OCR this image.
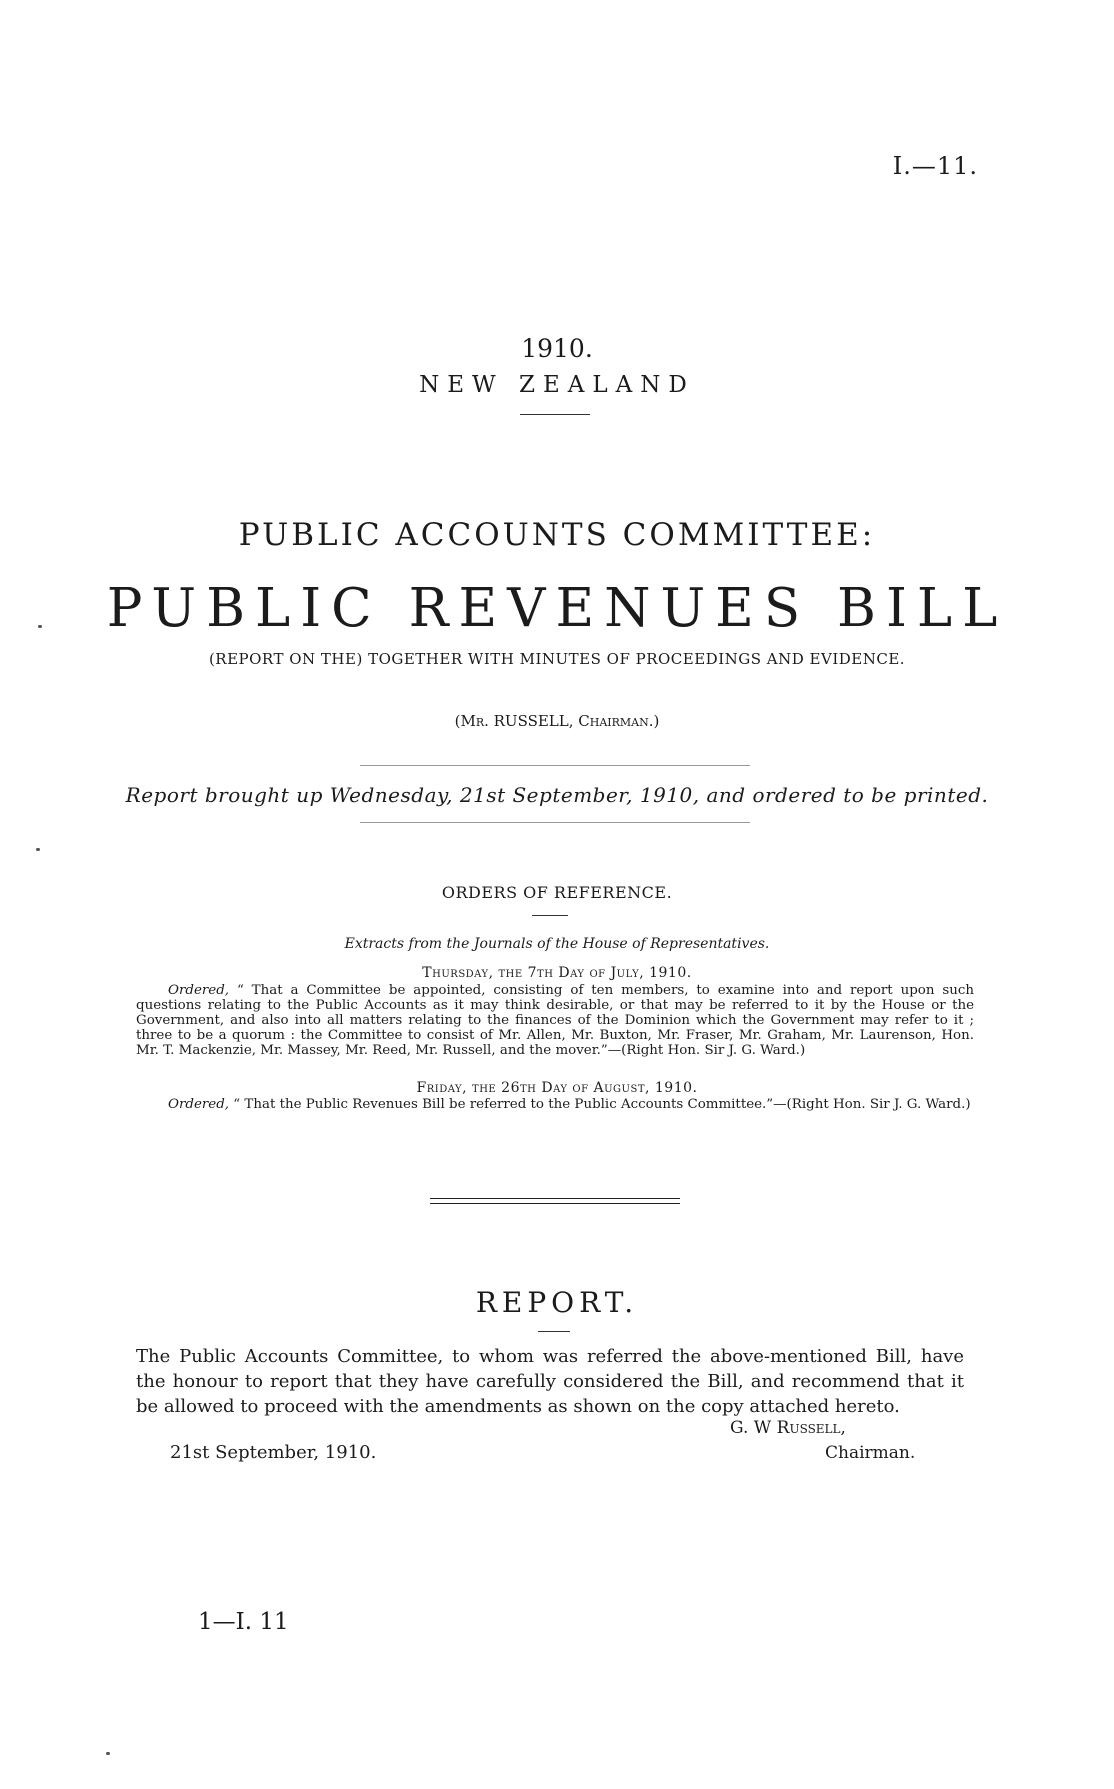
I.—11.
1910.
NEW ZEALAND
PUBLIC ACCOUNTS COMMITTEE:
PUBLIC REVENUES BILL
(REPORT ON THE) TOGETHER WITH MINUTES OF PROCEEDINGS AND EVIDENCE.
(Mr. RUSSELL, Chairman.)
Report brought up Wednesday, 21st September, 1910, and ordered to be printed.
ORDERS OF REFERENCE.
Extracts from the Journals of the House of Representatives.
Thursday, the 7th Day of July, 1910.
Ordered, “ That a Committee be appointed, consisting of ten members, to examine into and report upon such questions relating to the Public Accounts as it may think desirable, or that may be referred to it by the House or the Government, and also into all matters relating to the finances of the Dominion which the Government may refer to it ; three to be a quorum : the Committee to consist of Mr. Allen, Mr. Buxton, Mr. Fraser, Mr. Graham, Mr. Laurenson, Hon. Mr. T. Mackenzie, Mr. Massey, Mr. Reed, Mr. Russell, and the mover.”—(Right Hon. Sir J. G. Ward.)
Friday, the 26th Day of August, 1910.
Ordered, “ That the Public Revenues Bill be referred to the Public Accounts Committee.”—(Right Hon. Sir J. G. Ward.)
REPORT.
The Public Accounts Committee, to whom was referred the above-mentioned Bill, have the honour to report that they have carefully considered the Bill, and recommend that it be allowed to proceed with the amendments as shown on the copy attached hereto.
21st September, 1910.
G. W Russell,
Chairman.
1—I. 11
